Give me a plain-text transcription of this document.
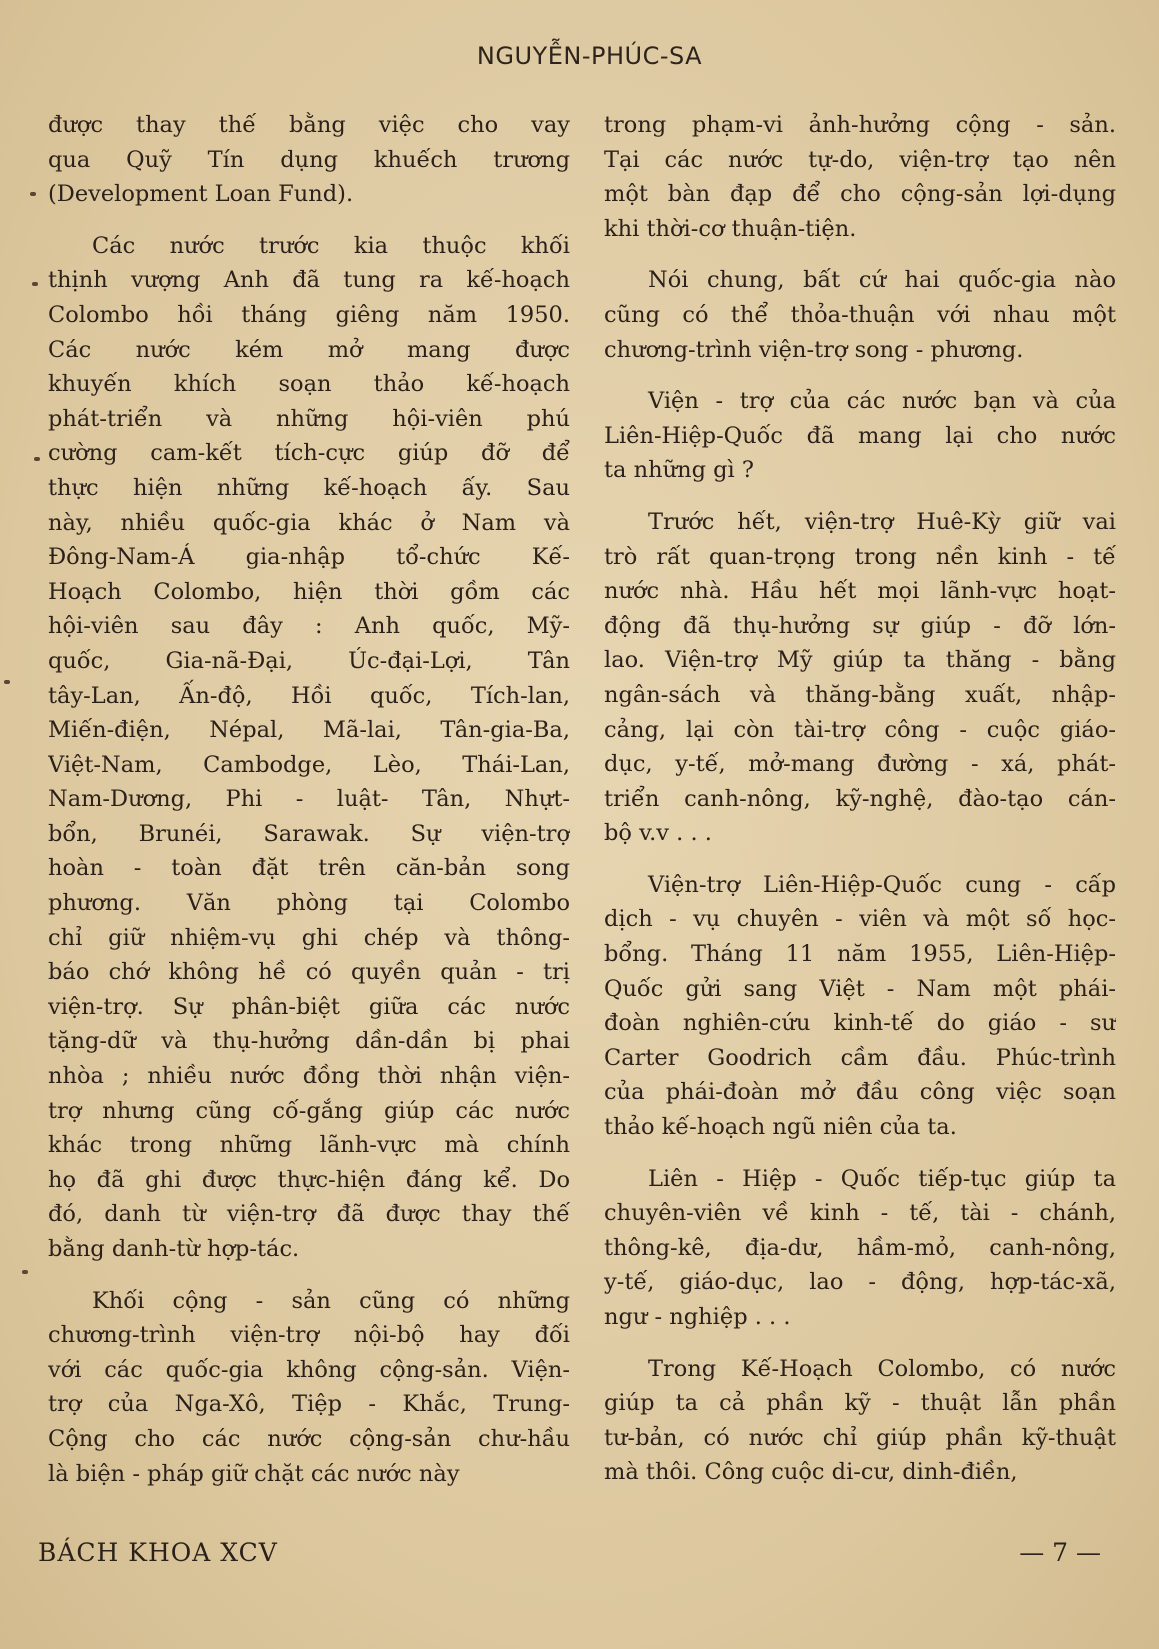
NGUYỄN-PHÚC-SA
được thay thế bằng việc cho vay
qua Quỹ Tín dụng khuếch trương
(Development Loan Fund).
Các nước trước kia thuộc khối
thịnh vượng Anh đã tung ra kế-hoạch
Colombo hồi tháng giêng năm 1950.
Các nước kém mở mang được
khuyến khích soạn thảo kế-hoạch
phát-triển và những hội-viên phú
cường cam-kết tích-cực giúp đỡ để
thực hiện những kế-hoạch ấy. Sau
này, nhiều quốc-gia khác ở Nam và
Đông-Nam-Á gia-nhập tổ-chức Kế-
Hoạch Colombo, hiện thời gồm các
hội-viên sau đây : Anh quốc, Mỹ-
quốc, Gia-nã-Đại, Úc-đại-Lợi, Tân
tây-Lan, Ấn-độ, Hồi quốc, Tích-lan,
Miến-điện, Népal, Mã-lai, Tân-gia-Ba,
Việt-Nam, Cambodge, Lèo, Thái-Lan,
Nam-Dương, Phi - luật- Tân, Nhựt-
bổn, Brunéi, Sarawak. Sự viện-trợ
hoàn - toàn đặt trên căn-bản song
phương. Văn phòng tại Colombo
chỉ giữ nhiệm-vụ ghi chép và thông-
báo chớ không hề có quyền quản - trị
viện-trợ. Sự phân-biệt giữa các nước
tặng-dữ và thụ-hưởng dần-dần bị phai
nhòa ; nhiều nước đồng thời nhận viện-
trợ nhưng cũng cố-gắng giúp các nước
khác trong những lãnh-vực mà chính
họ đã ghi được thực-hiện đáng kể. Do
đó, danh từ viện-trợ đã được thay thế
bằng danh-từ hợp-tác.
Khối cộng - sản cũng có những
chương-trình viện-trợ nội-bộ hay đối
với các quốc-gia không cộng-sản. Viện-
trợ của Nga-Xô, Tiệp - Khắc, Trung-
Cộng cho các nước cộng-sản chư-hầu
là biện - pháp giữ chặt các nước này
trong phạm-vi ảnh-hưởng cộng - sản.
Tại các nước tự-do, viện-trợ tạo nên
một bàn đạp để cho cộng-sản lợi-dụng
khi thời-cơ thuận-tiện.
Nói chung, bất cứ hai quốc-gia nào
cũng có thể thỏa-thuận với nhau một
chương-trình viện-trợ song - phương.
Viện - trợ của các nước bạn và của
Liên-Hiệp-Quốc đã mang lại cho nước
ta những gì ?
Trước hết, viện-trợ Huê-Kỳ giữ vai
trò rất quan-trọng trong nền kinh - tế
nước nhà. Hầu hết mọi lãnh-vực hoạt-
động đã thụ-hưởng sự giúp - đỡ lớn-
lao. Viện-trợ Mỹ giúp ta thăng - bằng
ngân-sách và thăng-bằng xuất, nhập-
cảng, lại còn tài-trợ công - cuộc giáo-
dục, y-tế, mở-mang đường - xá, phát-
triển canh-nông, kỹ-nghệ, đào-tạo cán-
bộ v.v . . .
Viện-trợ Liên-Hiệp-Quốc cung - cấp
dịch - vụ chuyên - viên và một số học-
bổng. Tháng 11 năm 1955, Liên-Hiệp-
Quốc gửi sang Việt - Nam một phái-
đoàn nghiên-cứu kinh-tế do giáo - sư
Carter Goodrich cầm đầu. Phúc-trình
của phái-đoàn mở đầu công việc soạn
thảo kế-hoạch ngũ niên của ta.
Liên - Hiệp - Quốc tiếp-tục giúp ta
chuyên-viên về kinh - tế, tài - chánh,
thông-kê, địa-dư, hầm-mỏ, canh-nông,
y-tế, giáo-dục, lao - động, hợp-tác-xã,
ngư - nghiệp . . .
Trong Kế-Hoạch Colombo, có nước
giúp ta cả phần kỹ - thuật lẫn phần
tư-bản, có nước chỉ giúp phần kỹ-thuật
mà thôi. Công cuộc di-cư, dinh-điền,
BÁCH KHOA XCV	— 7 —
